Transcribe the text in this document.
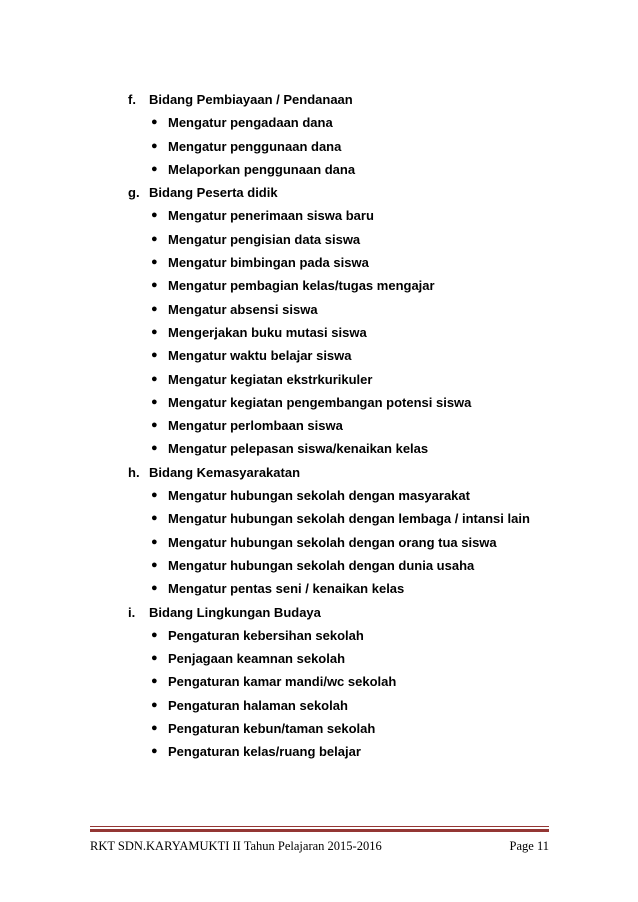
f. Bidang Pembiayaan / Pendanaan
● Mengatur pengadaan dana
● Mengatur penggunaan dana
● Melaporkan penggunaan dana
g. Bidang Peserta didik
● Mengatur penerimaan siswa baru
● Mengatur pengisian data siswa
● Mengatur bimbingan pada siswa
● Mengatur pembagian kelas/tugas mengajar
● Mengatur absensi siswa
● Mengerjakan buku mutasi siswa
● Mengatur waktu belajar siswa
● Mengatur kegiatan ekstrkurikuler
● Mengatur kegiatan pengembangan potensi siswa
● Mengatur perlombaan siswa
● Mengatur pelepasan siswa/kenaikan kelas
h. Bidang Kemasyarakatan
● Mengatur hubungan sekolah dengan masyarakat
● Mengatur hubungan sekolah dengan lembaga / intansi lain
● Mengatur hubungan sekolah dengan orang tua siswa
● Mengatur hubungan sekolah dengan dunia usaha
● Mengatur pentas seni / kenaikan kelas
i. Bidang Lingkungan Budaya
● Pengaturan kebersihan sekolah
● Penjagaan keamnan sekolah
● Pengaturan kamar mandi/wc sekolah
● Pengaturan halaman sekolah
● Pengaturan kebun/taman sekolah
● Pengaturan kelas/ruang belajar
RKT SDN.KARYAMUKTI II Tahun Pelajaran 2015-2016	Page 11
